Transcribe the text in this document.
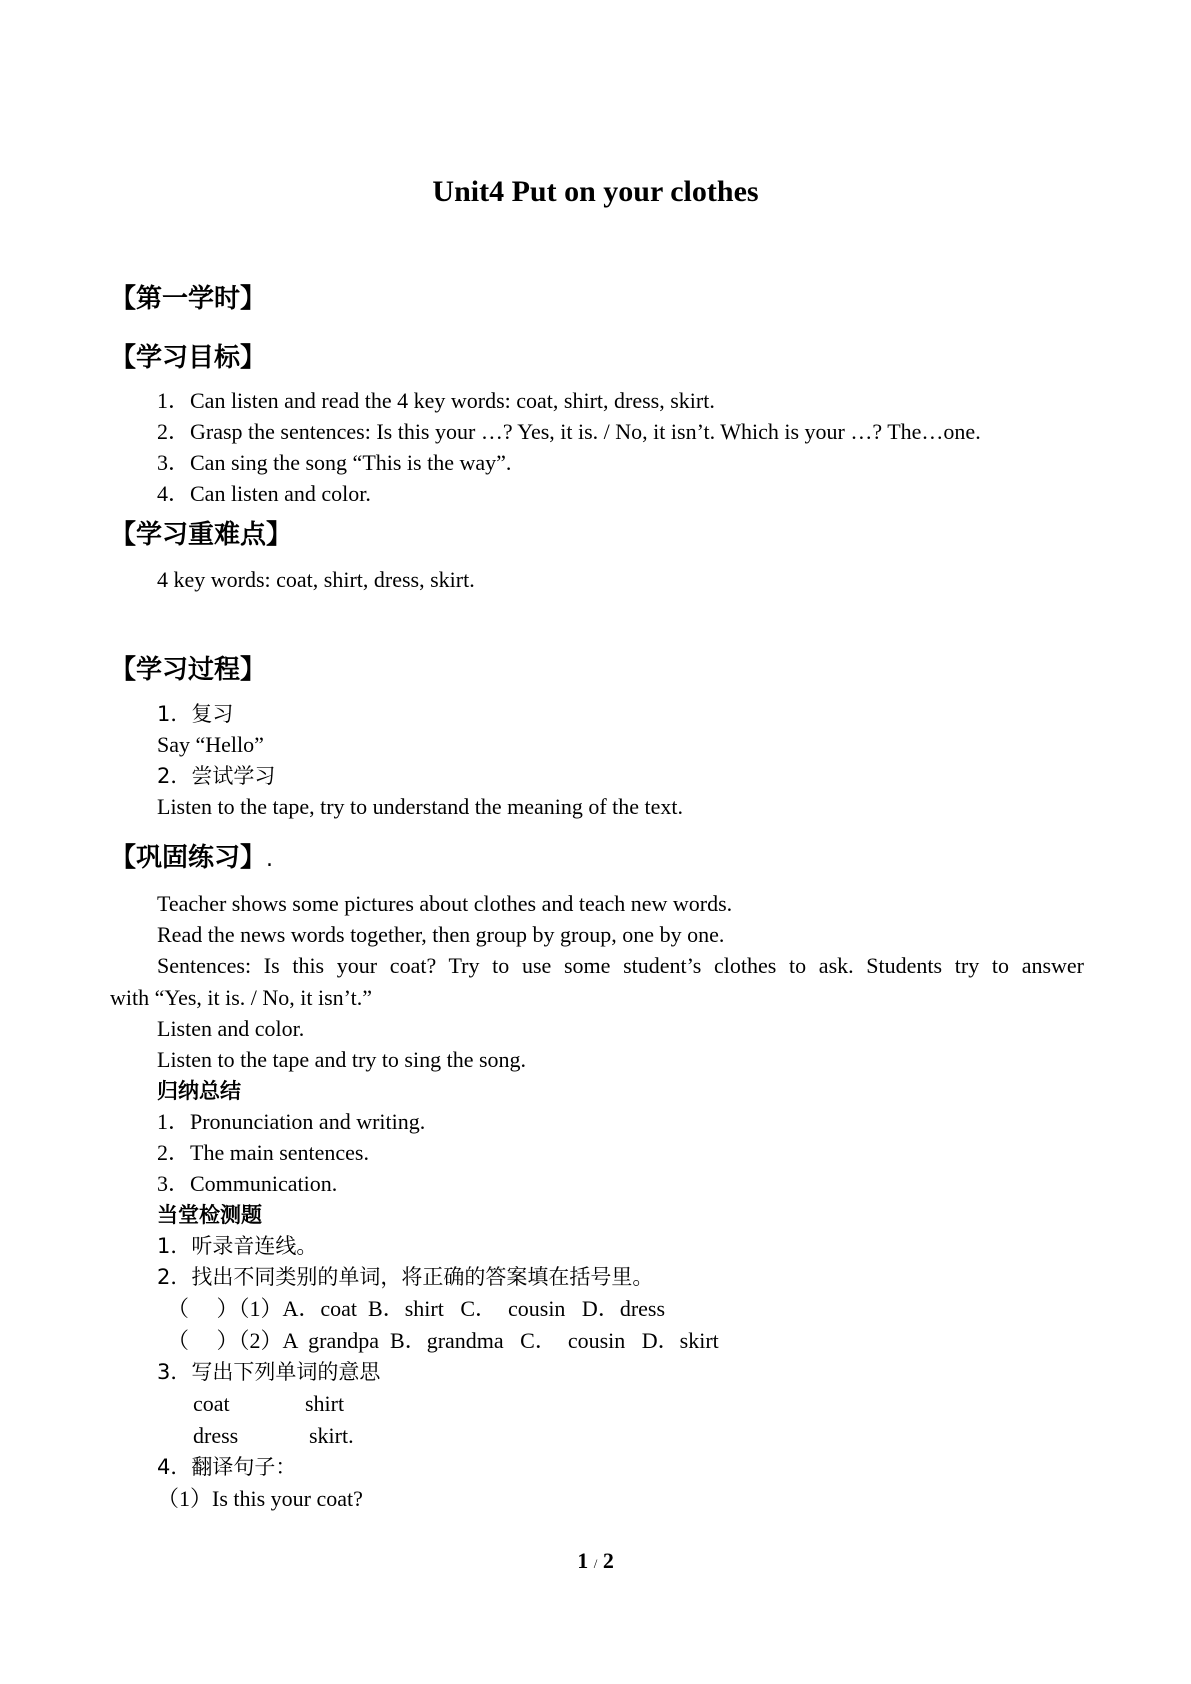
Unit4 Put on your clothes
【第一学时】
【学习目标】
1．Can listen and read the 4 key words: coat, shirt, dress, skirt.
2．Grasp the sentences: Is this your …? Yes, it is. / No, it isn’t. Which is your …? The…one.
3．Can sing the song “This is the way”.
4．Can listen and color.
【学习重难点】
4 key words: coat, shirt, dress, skirt.
【学习过程】
1．复习
Say “Hello”
2．尝试学习
Listen to the tape, try to understand the meaning of the text.
【巩固练习】.
Teacher shows some pictures about clothes and teach new words.
Read the news words together, then group by group, one by one.
Sentences: Is this your coat? Try to use some student’s clothes to ask. Students try to answer
with “Yes, it is. / No, it isn’t.”
Listen and color.
Listen to the tape and try to sing the song.
归纳总结
1．Pronunciation and writing.
2．The main sentences.
3．Communication.
当堂检测题
1．听录音连线。
2．找出不同类别的单词，将正确的答案填在括号里。
（     ）（1）A．coat  B．shirt   C．  cousin   D．dress
（     ）（2）A  grandpa  B．grandma   C．  cousin   D．skirt
3．写出下列单词的意思
coat	shirt
dress	skirt.
4．翻译句子：
（1）Is this your coat?
1 / 2
